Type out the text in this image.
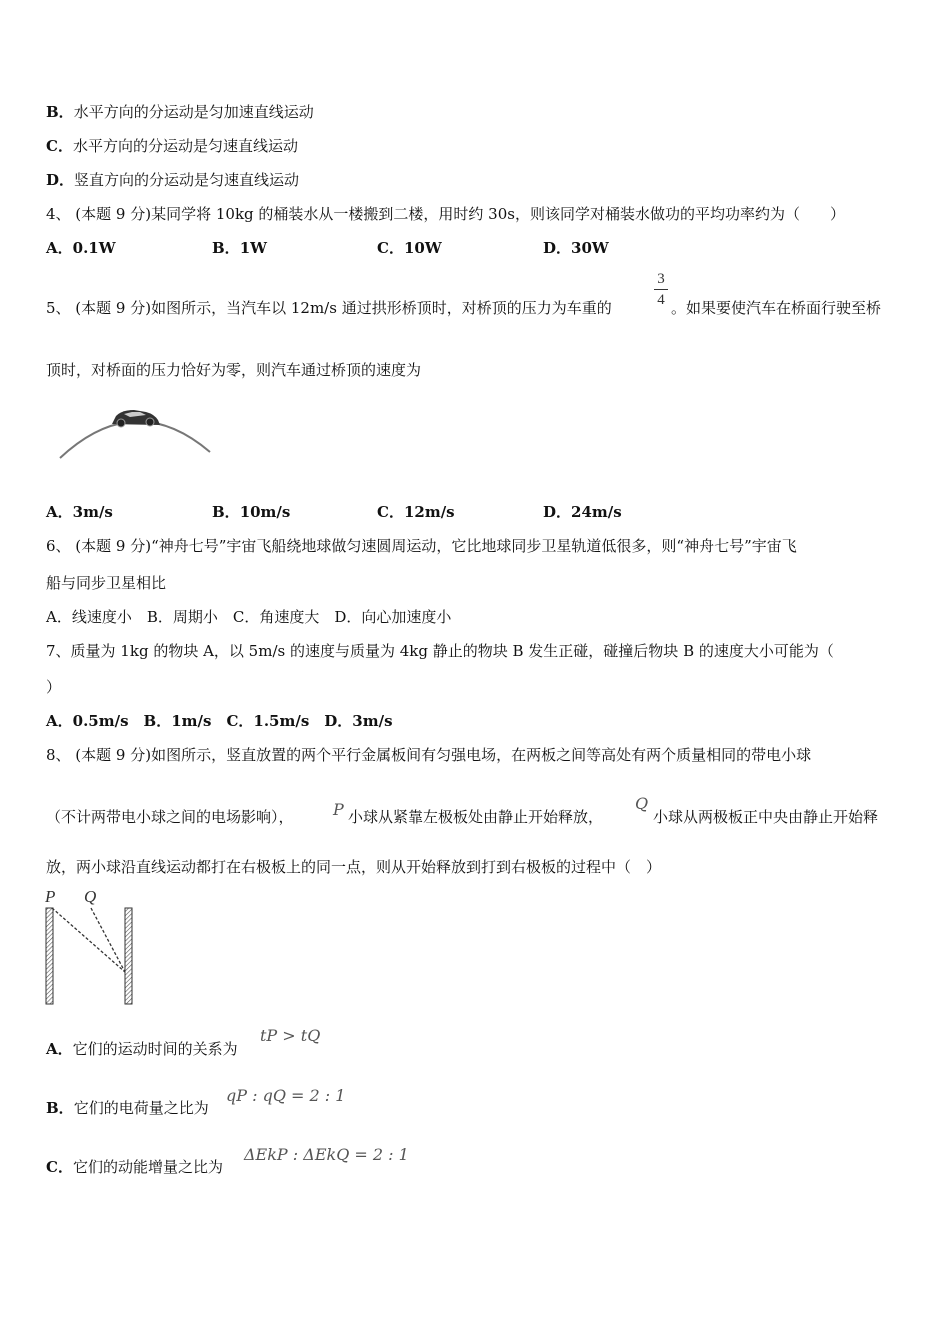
B．水平方向的分运动是匀加速直线运动
C．水平方向的分运动是匀速直线运动
D．竖直方向的分运动是匀速直线运动
4、 (本题 9 分)某同学将 10kg 的桶装水从一楼搬到二楼，用时约 30s，则该同学对桶装水做功的平均功率约为（　　）
A．0.1W	B．1W	C．10W	D．30W
5、 (本题 9 分)如图所示，当汽车以 12m/s 通过拱形桥顶时，对桥顶的压力为车重的
3
4 。如果要使汽车在桥面行驶至桥
顶时，对桥面的压力恰好为零，则汽车通过桥顶的速度为
A．3m/s	B．10m/s	C．12m/s	D．24m/s
6、 (本题 9 分)“神舟七号”宇宙飞船绕地球做匀速圆周运动，它比地球同步卫星轨道低很多，则“神舟七号”宇宙飞
船与同步卫星相比
A．线速度小　B．周期小　C．角速度大　D．向心加速度小
7、质量为 1kg 的物块 A，以 5m/s 的速度与质量为 4kg 静止的物块 B 发生正碰，碰撞后物块 B 的速度大小可能为（
）
A．0.5m/s　B．1m/s　C．1.5m/s　D．3m/s
8、 (本题 9 分)如图所示，竖直放置的两个平行金属板间有匀强电场，在两板之间等高处有两个质量相同的带电小球
（不计两带电小球之间的电场影响）， P 小球从紧靠左极板处由静止开始释放，
Q
小球从两极板正中央由静止开始释
放，两小球沿直线运动都打在右极板上的同一点，则从开始释放到打到右极板的过程中（　）
P Q
A．它们的运动时间的关系为
tP > tQ
B．它们的电荷量之比为
qP : qQ = 2 : 1
C．它们的动能增量之比为
ΔEkP : ΔEkQ = 2 : 1
